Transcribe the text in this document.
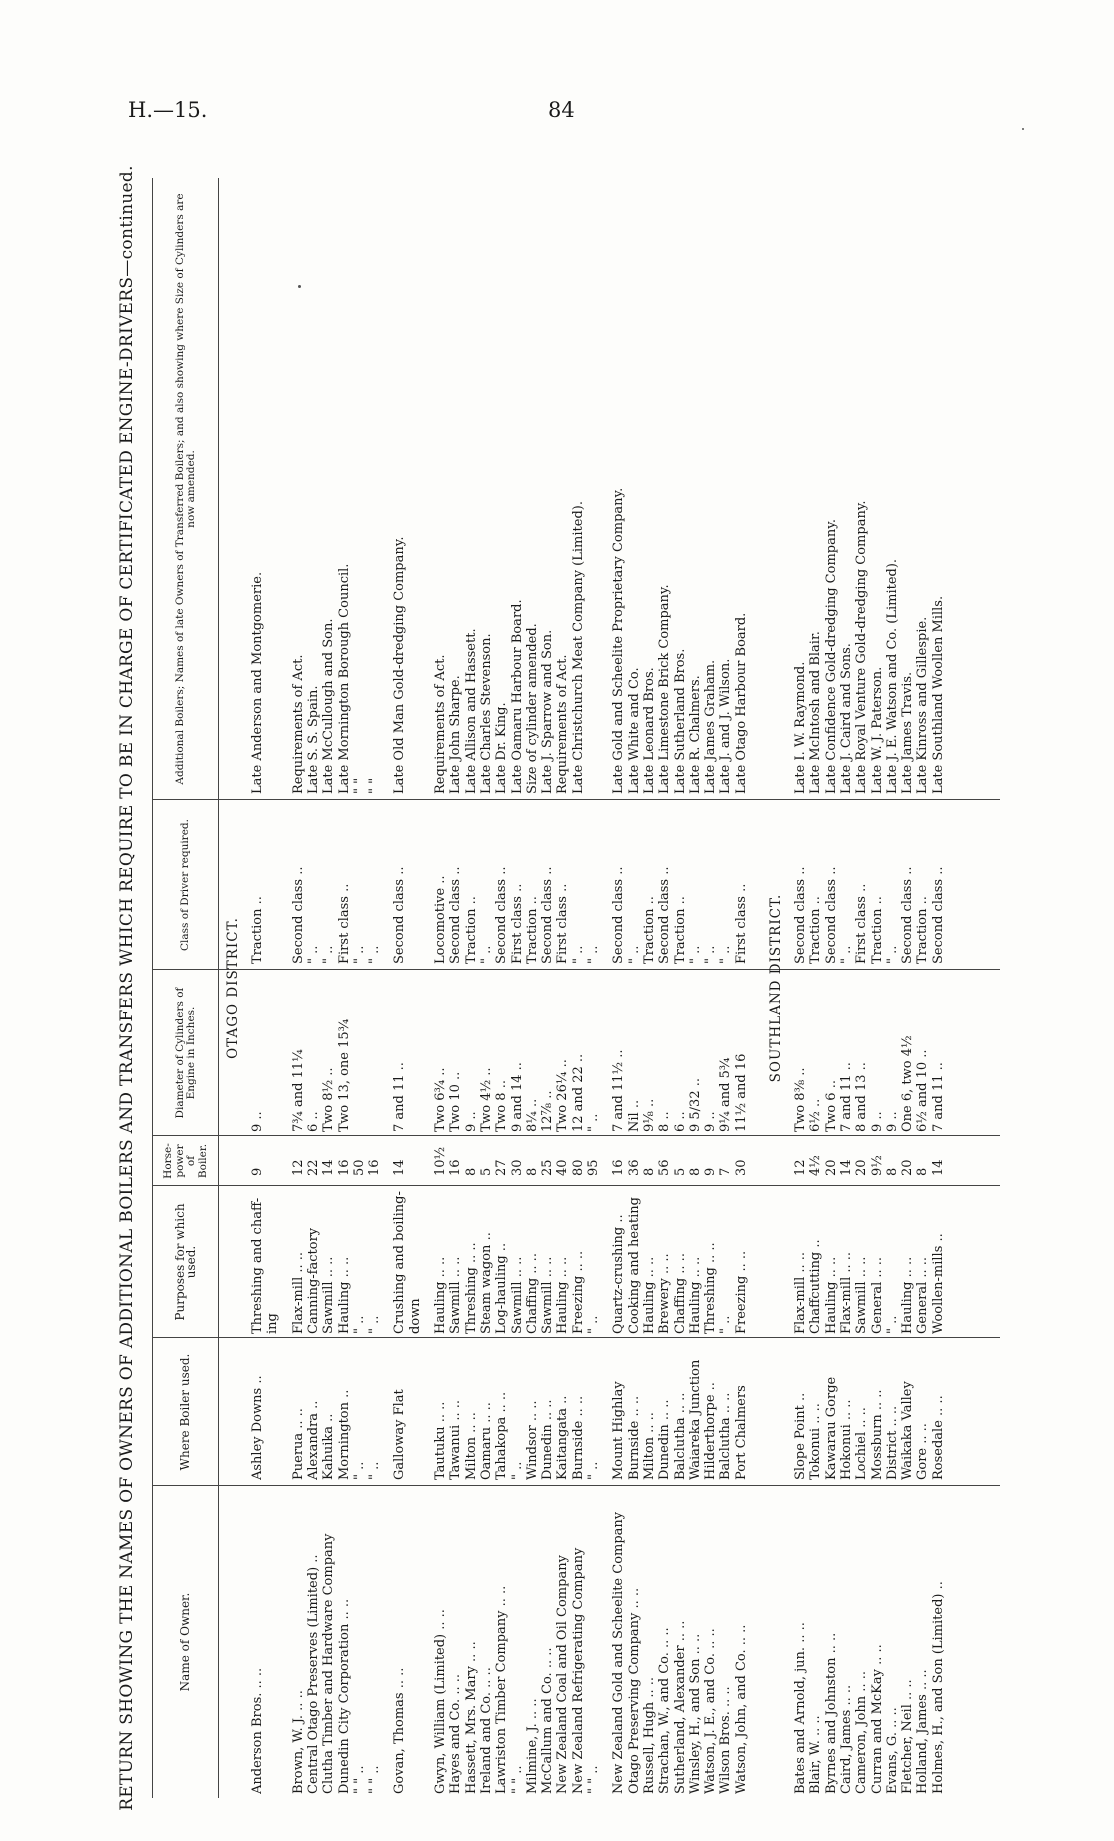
H.—15.	84
RETURN SHOWING THE NAMES OF OWNERS OF ADDITIONAL BOILERS AND TRANSFERS WHICH REQUIRE TO BE IN CHARGE OF CERTIFICATED ENGINE-DRIVERS—continued.	Name of Owner.
Where Boiler used.
Purposes for which used.
Horse-power of Boiler.
Diameter of Cylinders of Engine in Inches.
Class of Driver required.
Additional Boilers; Names of late Owners of Transferred Boilers; and also showing where Size of Cylinders are now amended.
OTAGO DISTRICT.
Anderson Bros. .. ..
Ashley Downs ..
Threshing and chaff-
9
9 ..
Traction ..
Late Anderson and Montgomerie.
ing
Brown, W. J. .. ..
Puerua .. ..
Flax-mill .. ..
12
7¾ and 11¼
Second class ..
Requirements of Act.
Central Otago Preserves (Limited) ..
Alexandra ..
Canning-factory
22
6 ..
" ..
Late S. S. Spain.
Clutha Timber and Hardware Company
Kahuika ..
Sawmill .. ..
14
Two 8½ ..
" ..
Late McCullough and Son.
Dunedin City Corporation .. ..
Mornington ..
Hauling .. ..
16
Two 13, one 15¾
First class ..
Late Mornington Borough Council.
" " ..
" ..
" ..
50
" ..
" "
" " ..
" ..
" ..
16
" ..
" "
Govan, Thomas .. ..
Galloway Flat
Crushing and boiling-
14
7 and 11 ..
Second class ..
Late Old Man Gold-dredging Company.
down
Gwyn, William (Limited) .. ..
Tautuku .. ..
Hauling .. ..
10½
Two 6¾ ..
Locomotive ..
Requirements of Act.
Hayes and Co. .. ..
Tawanui .. ..
Sawmill .. ..
16
Two 10 ..
Second class ..
Late John Sharpe.
Hassett, Mrs. Mary .. ..
Milton .. ..
Threshing .. ..
8
9 ..
Traction ..
Late Allison and Hassett.
Ireland and Co. .. ..
Oamaru .. ..
Steam wagon ..
5
Two 4½ ..
" ..
Late Charles Stevenson.
Lawriston Timber Company .. ..
Tahakopa .. ..
Log-hauling ..
27
Two 8 ..
Second class ..
Late Dr. King.
" " ..
" ..
Sawmill .. ..
30
9 and 14 ..
First class ..
Late Oamaru Harbour Board.
Milmine, J. .. ..
Windsor .. ..
Chaffing .. ..
8
8¼ ..
Traction ..
Size of cylinder amended.
McCallum and Co. .. ..
Dunedin .. ..
Sawmill .. ..
25
12⅞ ..
Second class ..
Late J. Sparrow and Son.
New Zealand Coal and Oil Company
Kaitangata ..
Hauling .. ..
40
Two 26¼ ..
First class ..
Requirements of Act.
New Zealand Refrigerating Company
Burnside .. ..
Freezing .. ..
80
12 and 22 ..
" ..
Late Christchurch Meat Company (Limited).
" " ..
" ..
" ..
95
" ..
" ..
New Zealand Gold and Scheelite Company
Mount Highlay
Quartz-crushing ..
16
7 and 11½ ..
Second class ..
Late Gold and Scheelite Proprietary Company.
Otago Preserving Company .. ..
Burnside .. ..
Cooking and heating
36
Nil ..
" ..
Late White and Co.
Russell, Hugh .. ..
Milton .. ..
Hauling .. ..
8
9⅛ ..
Traction ..
Late Leonard Bros.
Strachan, W., and Co. .. ..
Dunedin .. ..
Brewery .. ..
56
8 ..
Second class ..
Late Limestone Brick Company.
Sutherland, Alexander .. ..
Balclutha .. ..
Chaffing .. ..
5
6 ..
Traction ..
Late Sutherland Bros.
Winsley, H., and Son .. ..
Waiareka Junction
Hauling .. ..
8
9 5/32 ..
" ..
Late R. Chalmers.
Watson, J. E., and Co. .. ..
Hilderthorpe ..
Threshing .. ..
9
9 ..
" ..
Late James Graham.
Wilson Bros. .. ..
Balclutha .. ..
" ..
7
9¼ and 5¾
" ..
Late J. and J. Wilson.
Watson, John, and Co. .. ..
Port Chalmers
Freezing .. ..
30
11½ and 16
First class ..
Late Otago Harbour Board.
SOUTHLAND DISTRICT.
Bates and Arnold, jun. .. ..
Slope Point ..
Flax-mill .. ..
12
Two 8⅜ ..
Second class ..
Late I. W. Raymond.
Blair, W. .. ..
Tokonui .. ..
Chaffcutting ..
4½
6½ ..
Traction ..
Late McIntosh and Blair.
Byrnes and Johnston .. ..
Kawarau Gorge
Hauling .. ..
20
Two 6 ..
Second class ..
Late Confidence Gold-dredging Company.
Caird, James .. ..
Hokonui .. ..
Flax-mill .. ..
14
7 and 11 ..
" ..
Late J. Caird and Sons.
Cameron, John .. ..
Lochiel .. ..
Sawmill .. ..
20
8 and 13 ..
First class ..
Late Royal Venture Gold-dredging Company.
Curran and McKay .. ..
Mossburn .. ..
General .. ..
9½
9 ..
Traction ..
Late W. J. Paterson.
Evans, G. .. ..
District .. ..
" ..
8
9 ..
" ..
Late J. E. Watson and Co. (Limited).
Fletcher, Neil .. ..
Waikaka Valley
Hauling .. ..
20
One 6, two 4½
Second class ..
Late James Travis.
Holland, James .. ..
Gore .. ..
General .. ..
8
6½ and 10 ..
Traction ..
Late Kinross and Gillespie.
Holmes, H., and Son (Limited) ..
Rosedale .. ..
Woollen-mills ..
14
7 and 11 ..
Second class ..
Late Southland Woollen Mills.
